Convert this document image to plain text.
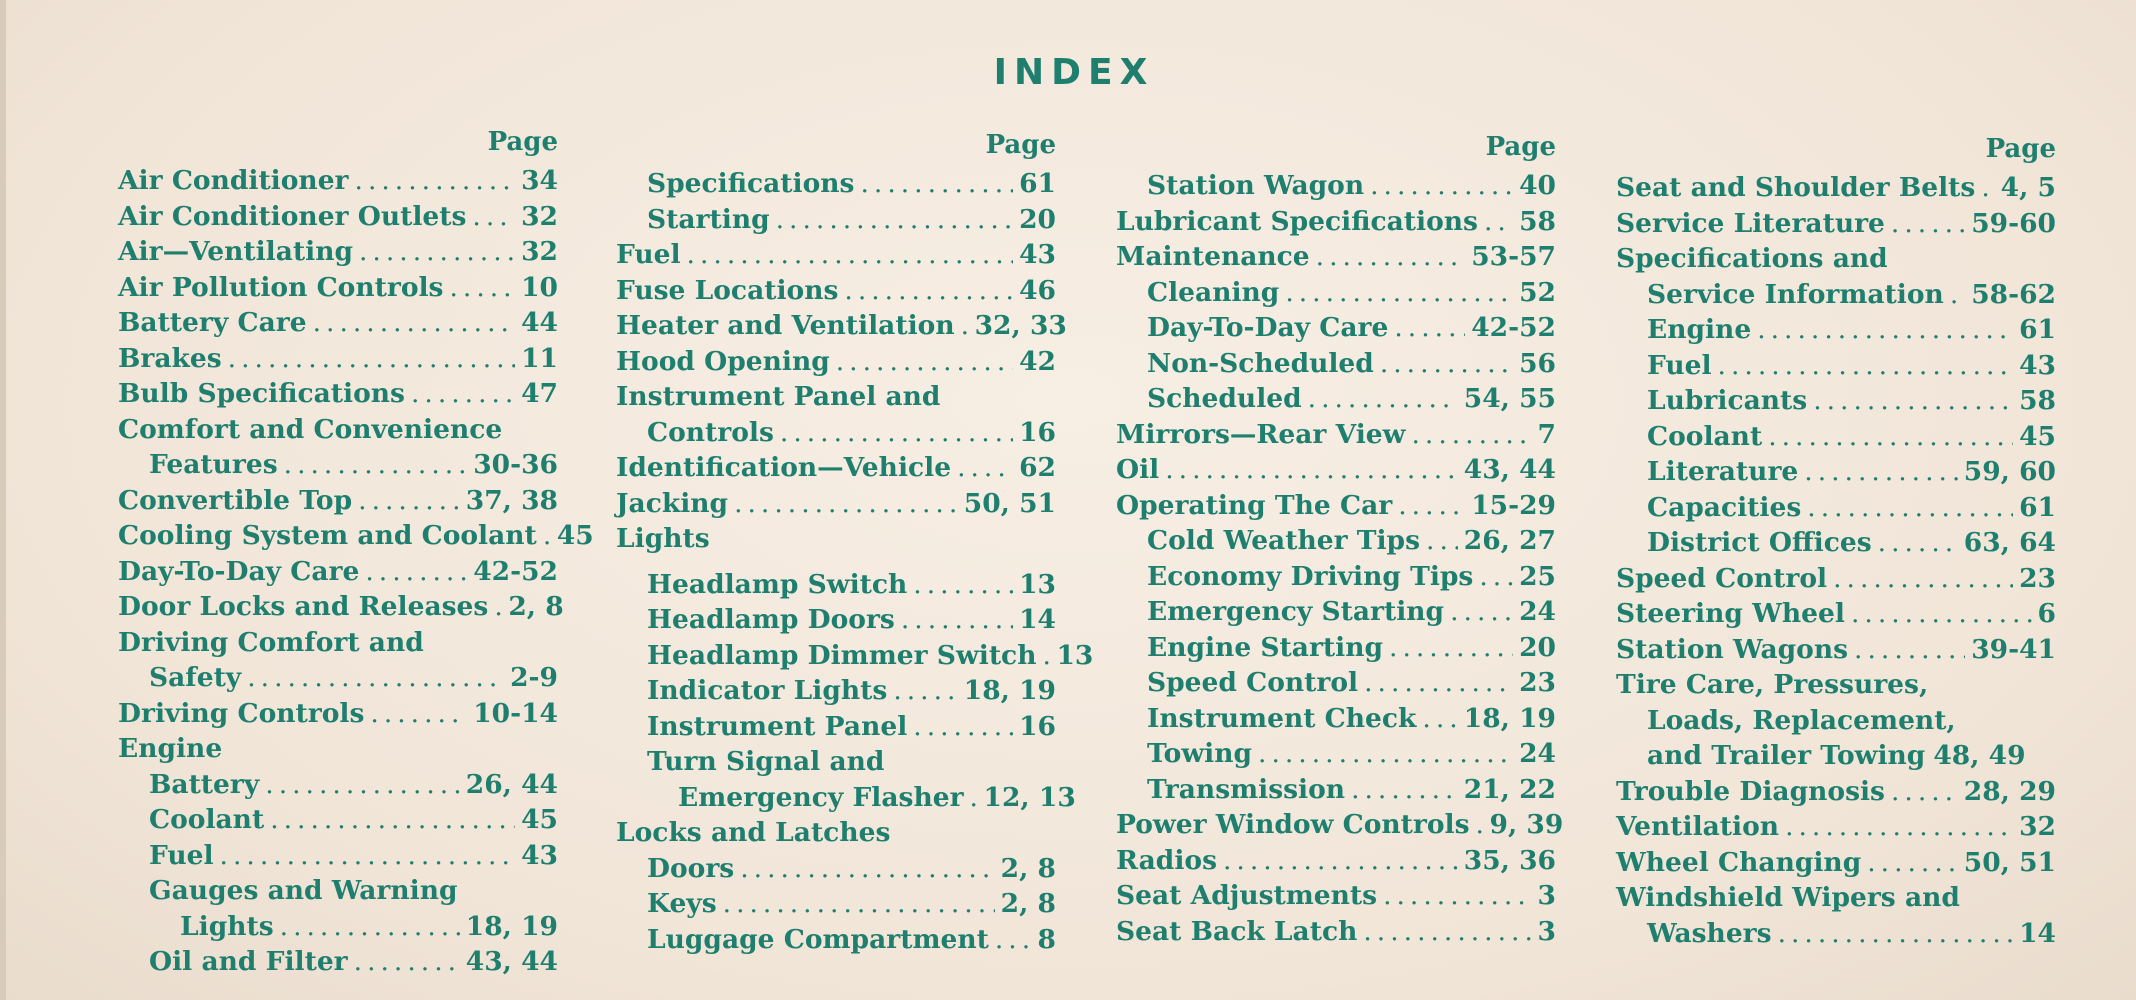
INDEX
Page
Air Conditioner .....	34
Air Conditioner Outlets ..... 32
Air—Ventilating .....	32
Air Pollution Controls .....	10
Battery Care .....	44
Brakes .....	11
Bulb Specifications .....	47
Comfort and Convenience
Features .....	30-36
Convertible Top .....	37, 38
Cooling System and Coolant ..... 45
Day-To-Day Care .....	42-52
Door Locks and Releases ..... 2, 8
Driving Comfort and
Safety .....	2-9
Driving Controls .....	10-14
Engine
Battery .....	26, 44
Coolant .....	45
Fuel .....	43
Gauges and Warning
Lights .....	18, 19
Oil and Filter .....	43, 44
Page
Specifications .....	61
Starting .....	20
Fuel .....	43
Fuse Locations .....	46
Heater and Ventilation ..... 32, 33
Hood Opening .....	42
Instrument Panel and
Controls .....	16
Identification—Vehicle .....	62
Jacking .....	50, 51
Lights
Headlamp Switch .....	13
Headlamp Doors .....	14
Headlamp Dimmer Switch ..... 13
Indicator Lights .....	18, 19
Instrument Panel .....	16
Turn Signal and
Emergency Flasher ..... 12, 13
Locks and Latches
Doors .....	2, 8
Keys .....	2, 8
Luggage Compartment ..... 8
Page
Station Wagon .....	40
Lubricant Specifications ..... 58
Maintenance .....	53-57
Cleaning .....	52
Day-To-Day Care .....	42-52
Non-Scheduled .....	56
Scheduled .....	54, 55
Mirrors—Rear View .....	7
Oil .....	43, 44
Operating The Car .....	15-29
Cold Weather Tips ..... 26, 27
Economy Driving Tips ..... 25
Emergency Starting .....	24
Engine Starting .....	20
Speed Control .....	23
Instrument Check ..... 18, 19
Towing .....	24
Transmission .....	21, 22
Power Window Controls ..... 9, 39
Radios .....	35, 36
Seat Adjustments .....	3
Seat Back Latch .....	3
Page
Seat and Shoulder Belts ..... 4, 5
Service Literature .....	59-60
Specifications and
Service Information ..... 58-62
Engine .....	61
Fuel .....	43
Lubricants .....	58
Coolant .....	45
Literature .....	59, 60
Capacities .....	61
District Offices .....	63, 64
Speed Control .....	23
Steering Wheel .....	6
Station Wagons .....	39-41
Tire Care, Pressures,
Loads, Replacement,
and Trailer Towing 48, 49
Trouble Diagnosis .....	28, 29
Ventilation .....	32
Wheel Changing .....	50, 51
Windshield Wipers and
Washers .....	14
